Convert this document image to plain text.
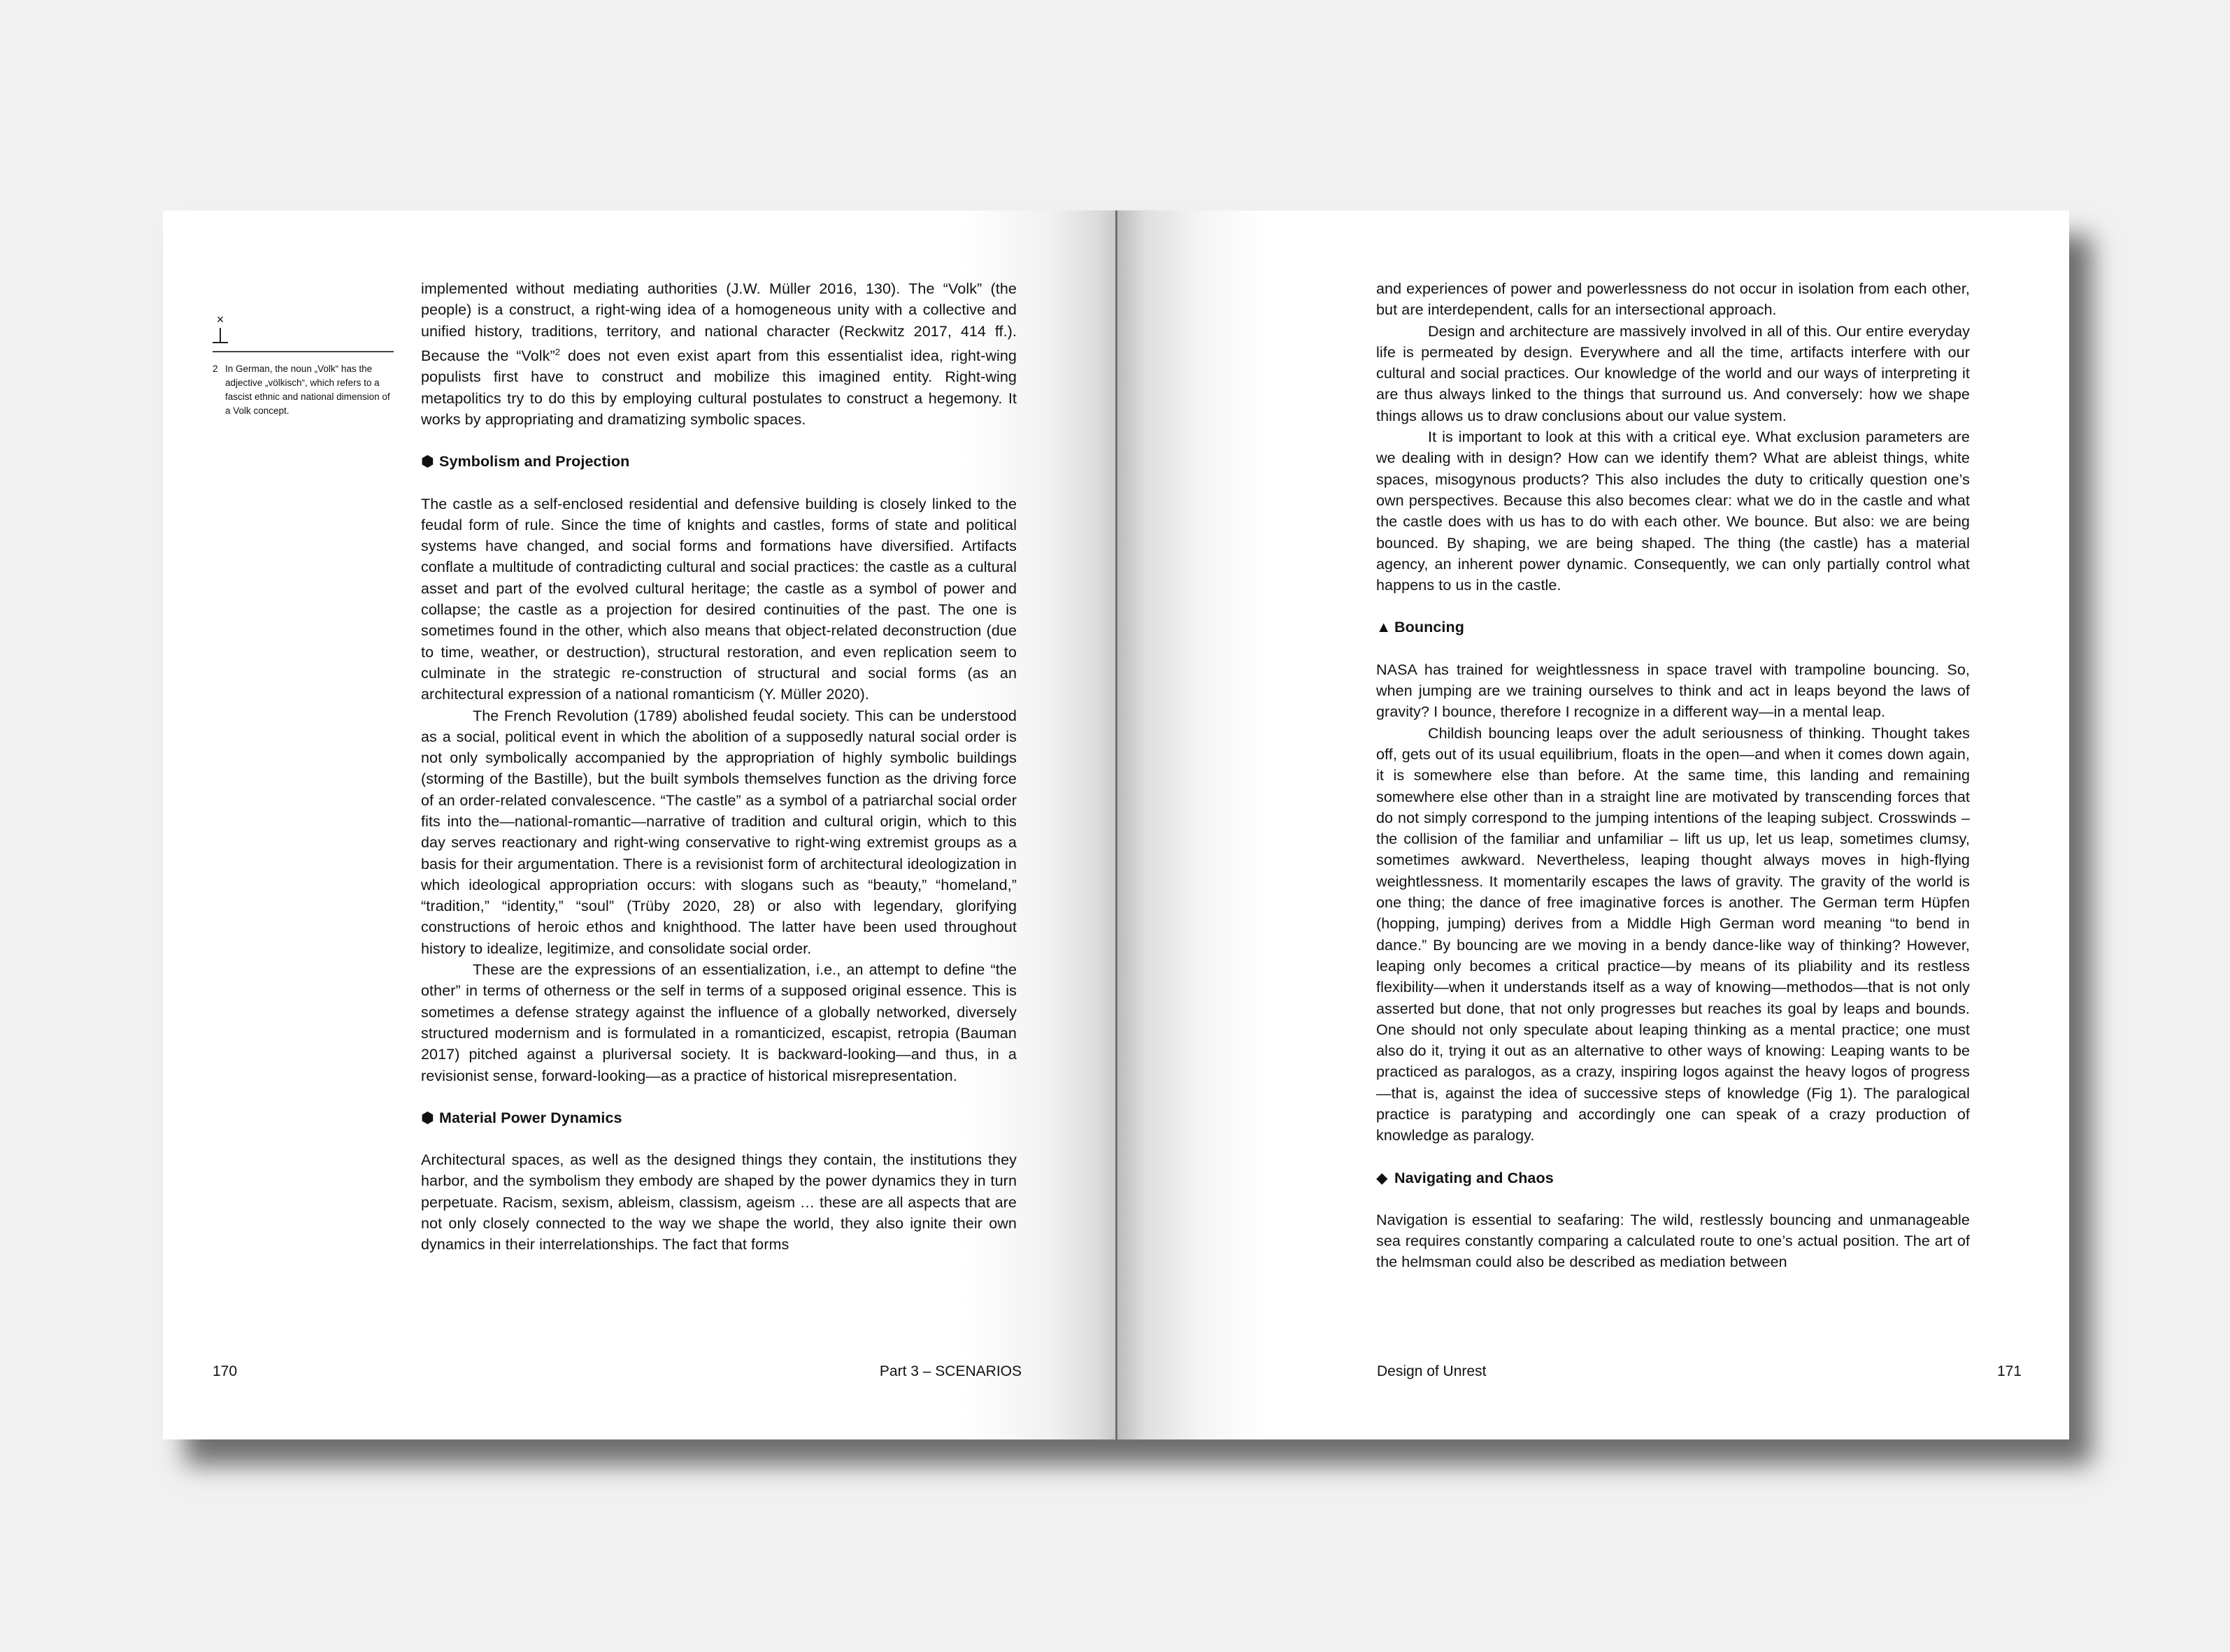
×
2 In German, the noun „Volk“ has the adjective „völkisch“, which refers to a fascist ethnic and national dimension of a Volk concept.

implemented without mediating authorities (J.W. Müller 2016, 130). The “Volk” (the people) is a construct, a right-wing idea of a homogeneous unity with a collective and unified history, traditions, territory, and national character (Reckwitz 2017, 414 ff.). Because the “Volk”$^2$ does not even exist apart from this essentialist idea, right-wing populists first have to construct and mobilize this imagined entity. Right-wing metapolitics try to do this by employing cultural postulates to construct a hegemony. It works by appropriating and dramatizing symbolic spaces.

⬢ Symbolism and Projection

The castle as a self-enclosed residential and defensive building is closely linked to the feudal form of rule. Since the time of knights and castles, forms of state and political systems have changed, and social forms and formations have diversified. Artifacts conflate a multitude of contradicting cultural and social practices: the castle as a cultural asset and part of the evolved cultural heritage; the castle as a symbol of power and collapse; the castle as a projection for desired continuities of the past. The one is sometimes found in the other, which also means that object-related deconstruction (due to time, weather, or destruction), structural restoration, and even replication seem to culminate in the strategic re-construction of structural and social forms (as an architectural expression of a national romanticism (Y. Müller 2020).

The French Revolution (1789) abolished feudal society. This can be understood as a social, political event in which the abolition of a supposedly natural social order is not only symbolically accompanied by the appropriation of highly symbolic buildings (storming of the Bastille), but the built symbols themselves function as the driving force of an order-related convalescence. “The castle” as a symbol of a patriarchal social order fits into the—national-romantic—narrative of tradition and cultural origin, which to this day serves reactionary and right-wing conservative to right-wing extremist groups as a basis for their argumentation. There is a revisionist form of architectural ideologization in which ideological appropriation occurs: with slogans such as “beauty,” “homeland,” “tradition,” “identity,” “soul” (Trüby 2020, 28) or also with legendary, glorifying constructions of heroic ethos and knighthood. The latter have been used throughout history to idealize, legitimize, and consolidate social order.

These are the expressions of an essentialization, i.e., an attempt to define “the other” in terms of otherness or the self in terms of a supposed original essence. This is sometimes a defense strategy against the influence of a globally networked, diversely structured modernism and is formulated in a romanticized, escapist, retropia (Bauman 2017) pitched against a pluriversal society. It is backward-looking—and thus, in a revisionist sense, forward-looking—as a practice of historical misrepresentation.

⬢ Material Power Dynamics

Architectural spaces, as well as the designed things they contain, the institutions they harbor, and the symbolism they embody are shaped by the power dynamics they in turn perpetuate. Racism, sexism, ableism, classism, ageism … these are all aspects that are not only closely connected to the way we shape the world, they also ignite their own dynamics in their interrelationships. The fact that forms

170	Part 3 – SCENARIOS

and experiences of power and powerlessness do not occur in isolation from each other, but are interdependent, calls for an intersectional approach.

Design and architecture are massively involved in all of this. Our entire everyday life is permeated by design. Everywhere and all the time, artifacts interfere with our cultural and social practices. Our knowledge of the world and our ways of interpreting it are thus always linked to the things that surround us. And conversely: how we shape things allows us to draw conclusions about our value system.

It is important to look at this with a critical eye. What exclusion parameters are we dealing with in design? How can we identify them? What are ableist things, white spaces, misogynous products? This also includes the duty to critically question one’s own perspectives. Because this also becomes clear: what we do in the castle and what the castle does with us has to do with each other. We bounce. But also: we are being bounced. By shaping, we are being shaped. The thing (the castle) has a material agency, an inherent power dynamic. Consequently, we can only partially control what happens to us in the castle.

▲ Bouncing

NASA has trained for weightlessness in space travel with trampoline bouncing. So, when jumping are we training ourselves to think and act in leaps beyond the laws of gravity? I bounce, therefore I recognize in a different way—in a mental leap.

Childish bouncing leaps over the adult seriousness of thinking. Thought takes off, gets out of its usual equilibrium, floats in the open—and when it comes down again, it is somewhere else than before. At the same time, this landing and remaining somewhere else other than in a straight line are motivated by transcending forces that do not simply correspond to the jumping intentions of the leaping subject. Crosswinds – the collision of the familiar and unfamiliar – lift us up, let us leap, sometimes clumsy, sometimes awkward. Nevertheless, leaping thought always moves in high-flying weightlessness. It momentarily escapes the laws of gravity. The gravity of the world is one thing; the dance of free imaginative forces is another. The German term Hüpfen (hopping, jumping) derives from a Middle High German word meaning “to bend in dance.” By bouncing are we moving in a bendy dance-like way of thinking? However, leaping only becomes a critical practice—by means of its pliability and its restless flexibility—when it understands itself as a way of knowing—methodos—that is not only asserted but done, that not only progresses but reaches its goal by leaps and bounds. One should not only speculate about leaping thinking as a mental practice; one must also do it, trying it out as an alternative to other ways of knowing: Leaping wants to be practiced as paralogos, as a crazy, inspiring logos against the heavy logos of progress—that is, against the idea of successive steps of knowledge (Fig 1). The paralogical practice is paratyping and accordingly one can speak of a crazy production of knowledge as paralogy.

◆ Navigating and Chaos

Navigation is essential to seafaring: The wild, restlessly bouncing and unmanageable sea requires constantly comparing a calculated route to one’s actual position. The art of the helmsman could also be described as mediation between

Design of Unrest	171
